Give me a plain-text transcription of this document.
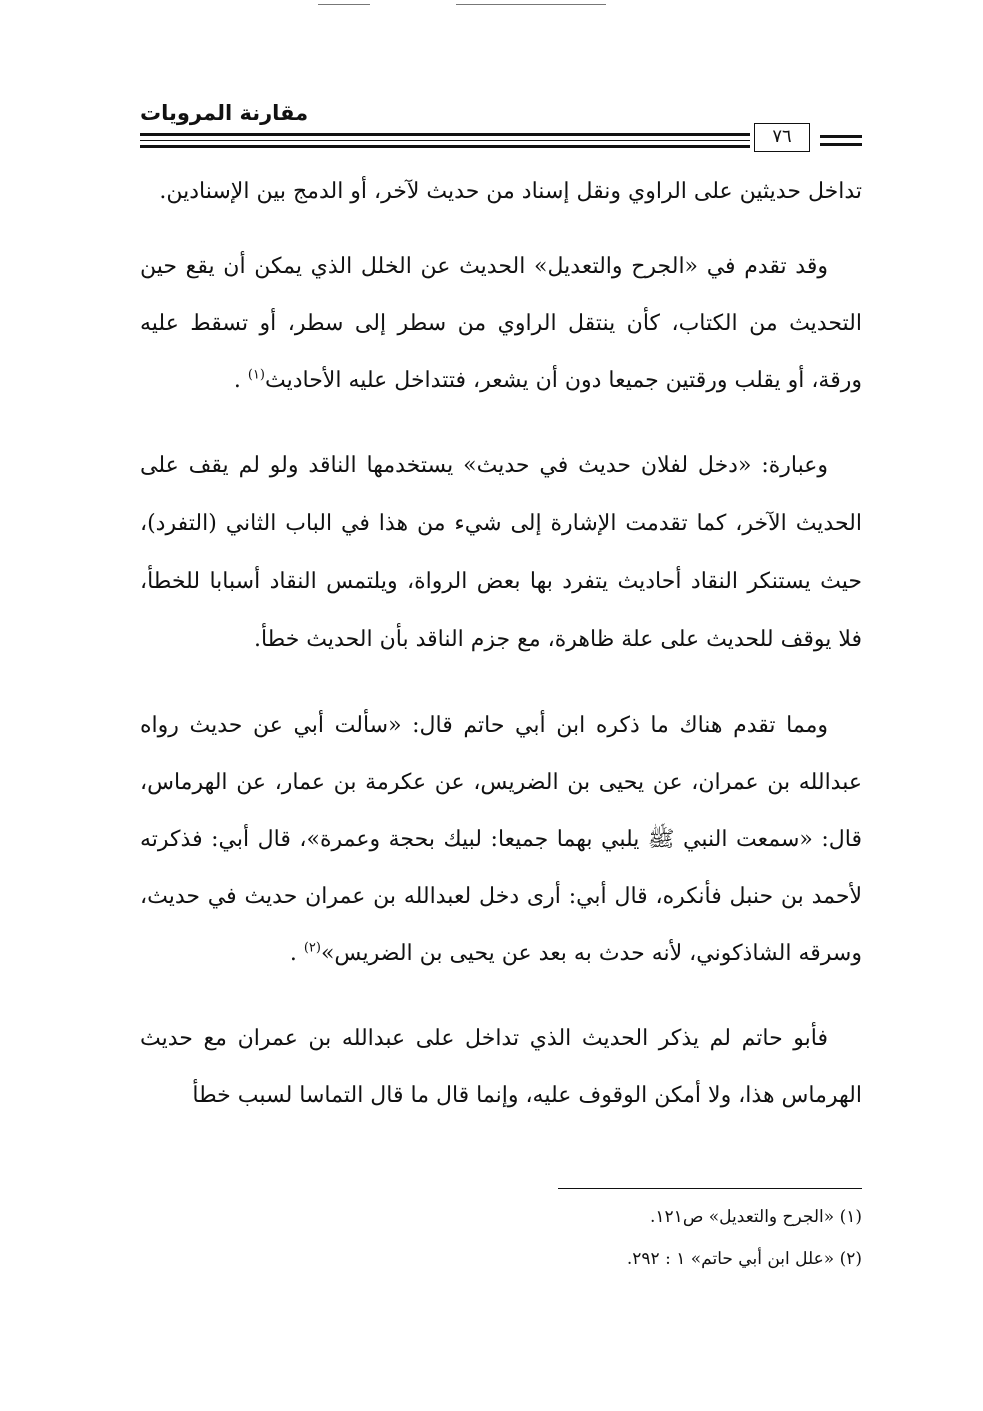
مقارنة المرويات
٧٦

تداخل حديثين على الراوي ونقل إسناد من حديث لآخر، أو الدمج بين الإسنادين.

وقد تقدم في «الجرح والتعديل» الحديث عن الخلل الذي يمكن أن يقع حين التحديث من الكتاب، كأن ينتقل الراوي من سطر إلى سطر، أو تسقط عليه ورقة، أو يقلب ورقتين جميعا دون أن يشعر، فتتداخل عليه الأحاديث$^{(١)}$ .

وعبارة: «دخل لفلان حديث في حديث» يستخدمها الناقد ولو لم يقف على الحديث الآخر، كما تقدمت الإشارة إلى شيء من هذا في الباب الثاني (التفرد)، حيث يستنكر النقاد أحاديث يتفرد بها بعض الرواة، ويلتمس النقاد أسبابا للخطأ، فلا يوقف للحديث على علة ظاهرة، مع جزم الناقد بأن الحديث خطأ.

ومما تقدم هناك ما ذكره ابن أبي حاتم قال: «سألت أبي عن حديث رواه عبدالله بن عمران، عن يحيى بن الضريس، عن عكرمة بن عمار، عن الهرماس، قال: «سمعت النبي ﷺ يلبي بهما جميعا: لبيك بحجة وعمرة»، قال أبي: فذكرته لأحمد بن حنبل فأنكره، قال أبي: أرى دخل لعبدالله بن عمران حديث في حديث، وسرقه الشاذكوني، لأنه حدث به بعد عن يحيى بن الضريس»$^{(٢)}$ .

فأبو حاتم لم يذكر الحديث الذي تداخل على عبدالله بن عمران مع حديث الهرماس هذا، ولا أمكن الوقوف عليه، وإنما قال ما قال التماسا لسبب خطأ

(١) «الجرح والتعديل» ص١٢١.

(٢) «علل ابن أبي حاتم» ١ : ٢٩٢.
